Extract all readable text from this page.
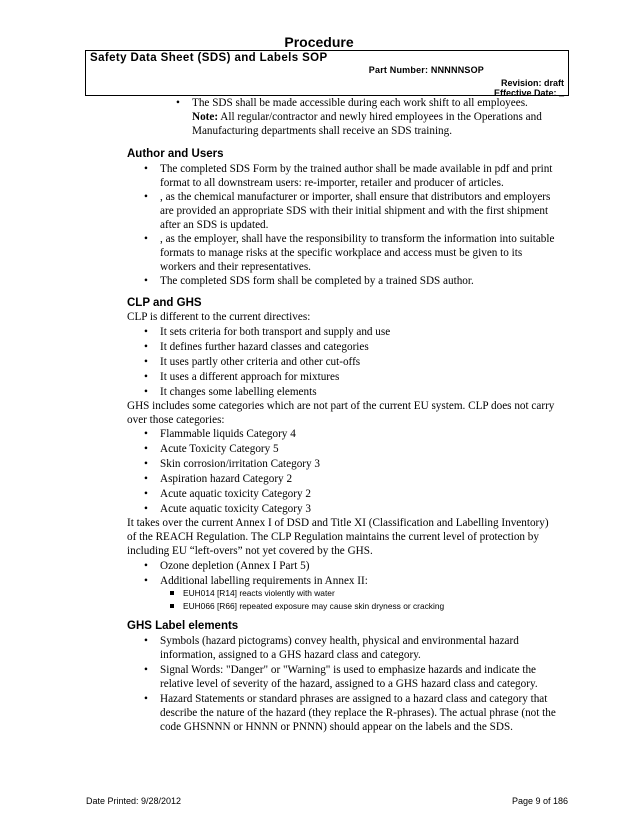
Procedure
Safety Data Sheet (SDS) and Labels SOP
Part Number: NNNNNSOP
Revision: draft
Effective Date: _
• The SDS shall be made accessible during each work shift to all employees.
Note: All regular/contractor and newly hired employees in the Operations and
Manufacturing departments shall receive an SDS training.
Author and Users
• The completed SDS Form by the trained author shall be made available in pdf and print
format to all downstream users: re-importer, retailer and producer of articles.
• , as the chemical manufacturer or importer, shall ensure that distributors and employers
are provided an appropriate SDS with their initial shipment and with the first shipment
after an SDS is updated.
• , as the employer, shall have the responsibility to transform the information into suitable
formats to manage risks at the specific workplace and access must be given to its
workers and their representatives.
• The completed SDS form shall be completed by a trained SDS author.
CLP and GHS
CLP is different to the current directives:
• It sets criteria for both transport and supply and use
• It defines further hazard classes and categories
• It uses partly other criteria and other cut-offs
• It uses a different approach for mixtures
• It changes some labelling elements
GHS includes some categories which are not part of the current EU system. CLP does not carry
over those categories:
• Flammable liquids Category 4
• Acute Toxicity Category 5
• Skin corrosion/irritation Category 3
• Aspiration hazard Category 2
• Acute aquatic toxicity Category 2
• Acute aquatic toxicity Category 3
It takes over the current Annex I of DSD and Title XI (Classification and Labelling Inventory)
of the REACH Regulation. The CLP Regulation maintains the current level of protection by
including EU “left-overs” not yet covered by the GHS.
• Ozone depletion (Annex I Part 5)
• Additional labelling requirements in Annex II:
EUH014 [R14] reacts violently with water
EUH066 [R66] repeated exposure may cause skin dryness or cracking
GHS Label elements
• Symbols (hazard pictograms) convey health, physical and environmental hazard
information, assigned to a GHS hazard class and category.
• Signal Words: "Danger" or "Warning" is used to emphasize hazards and indicate the
relative level of severity of the hazard, assigned to a GHS hazard class and category.
• Hazard Statements or standard phrases are assigned to a hazard class and category that
describe the nature of the hazard (they replace the R-phrases). The actual phrase (not the
code GHSNNN or HNNN or PNNN) should appear on the labels and the SDS.
Date Printed: 9/28/2012	Page 9 of 186
